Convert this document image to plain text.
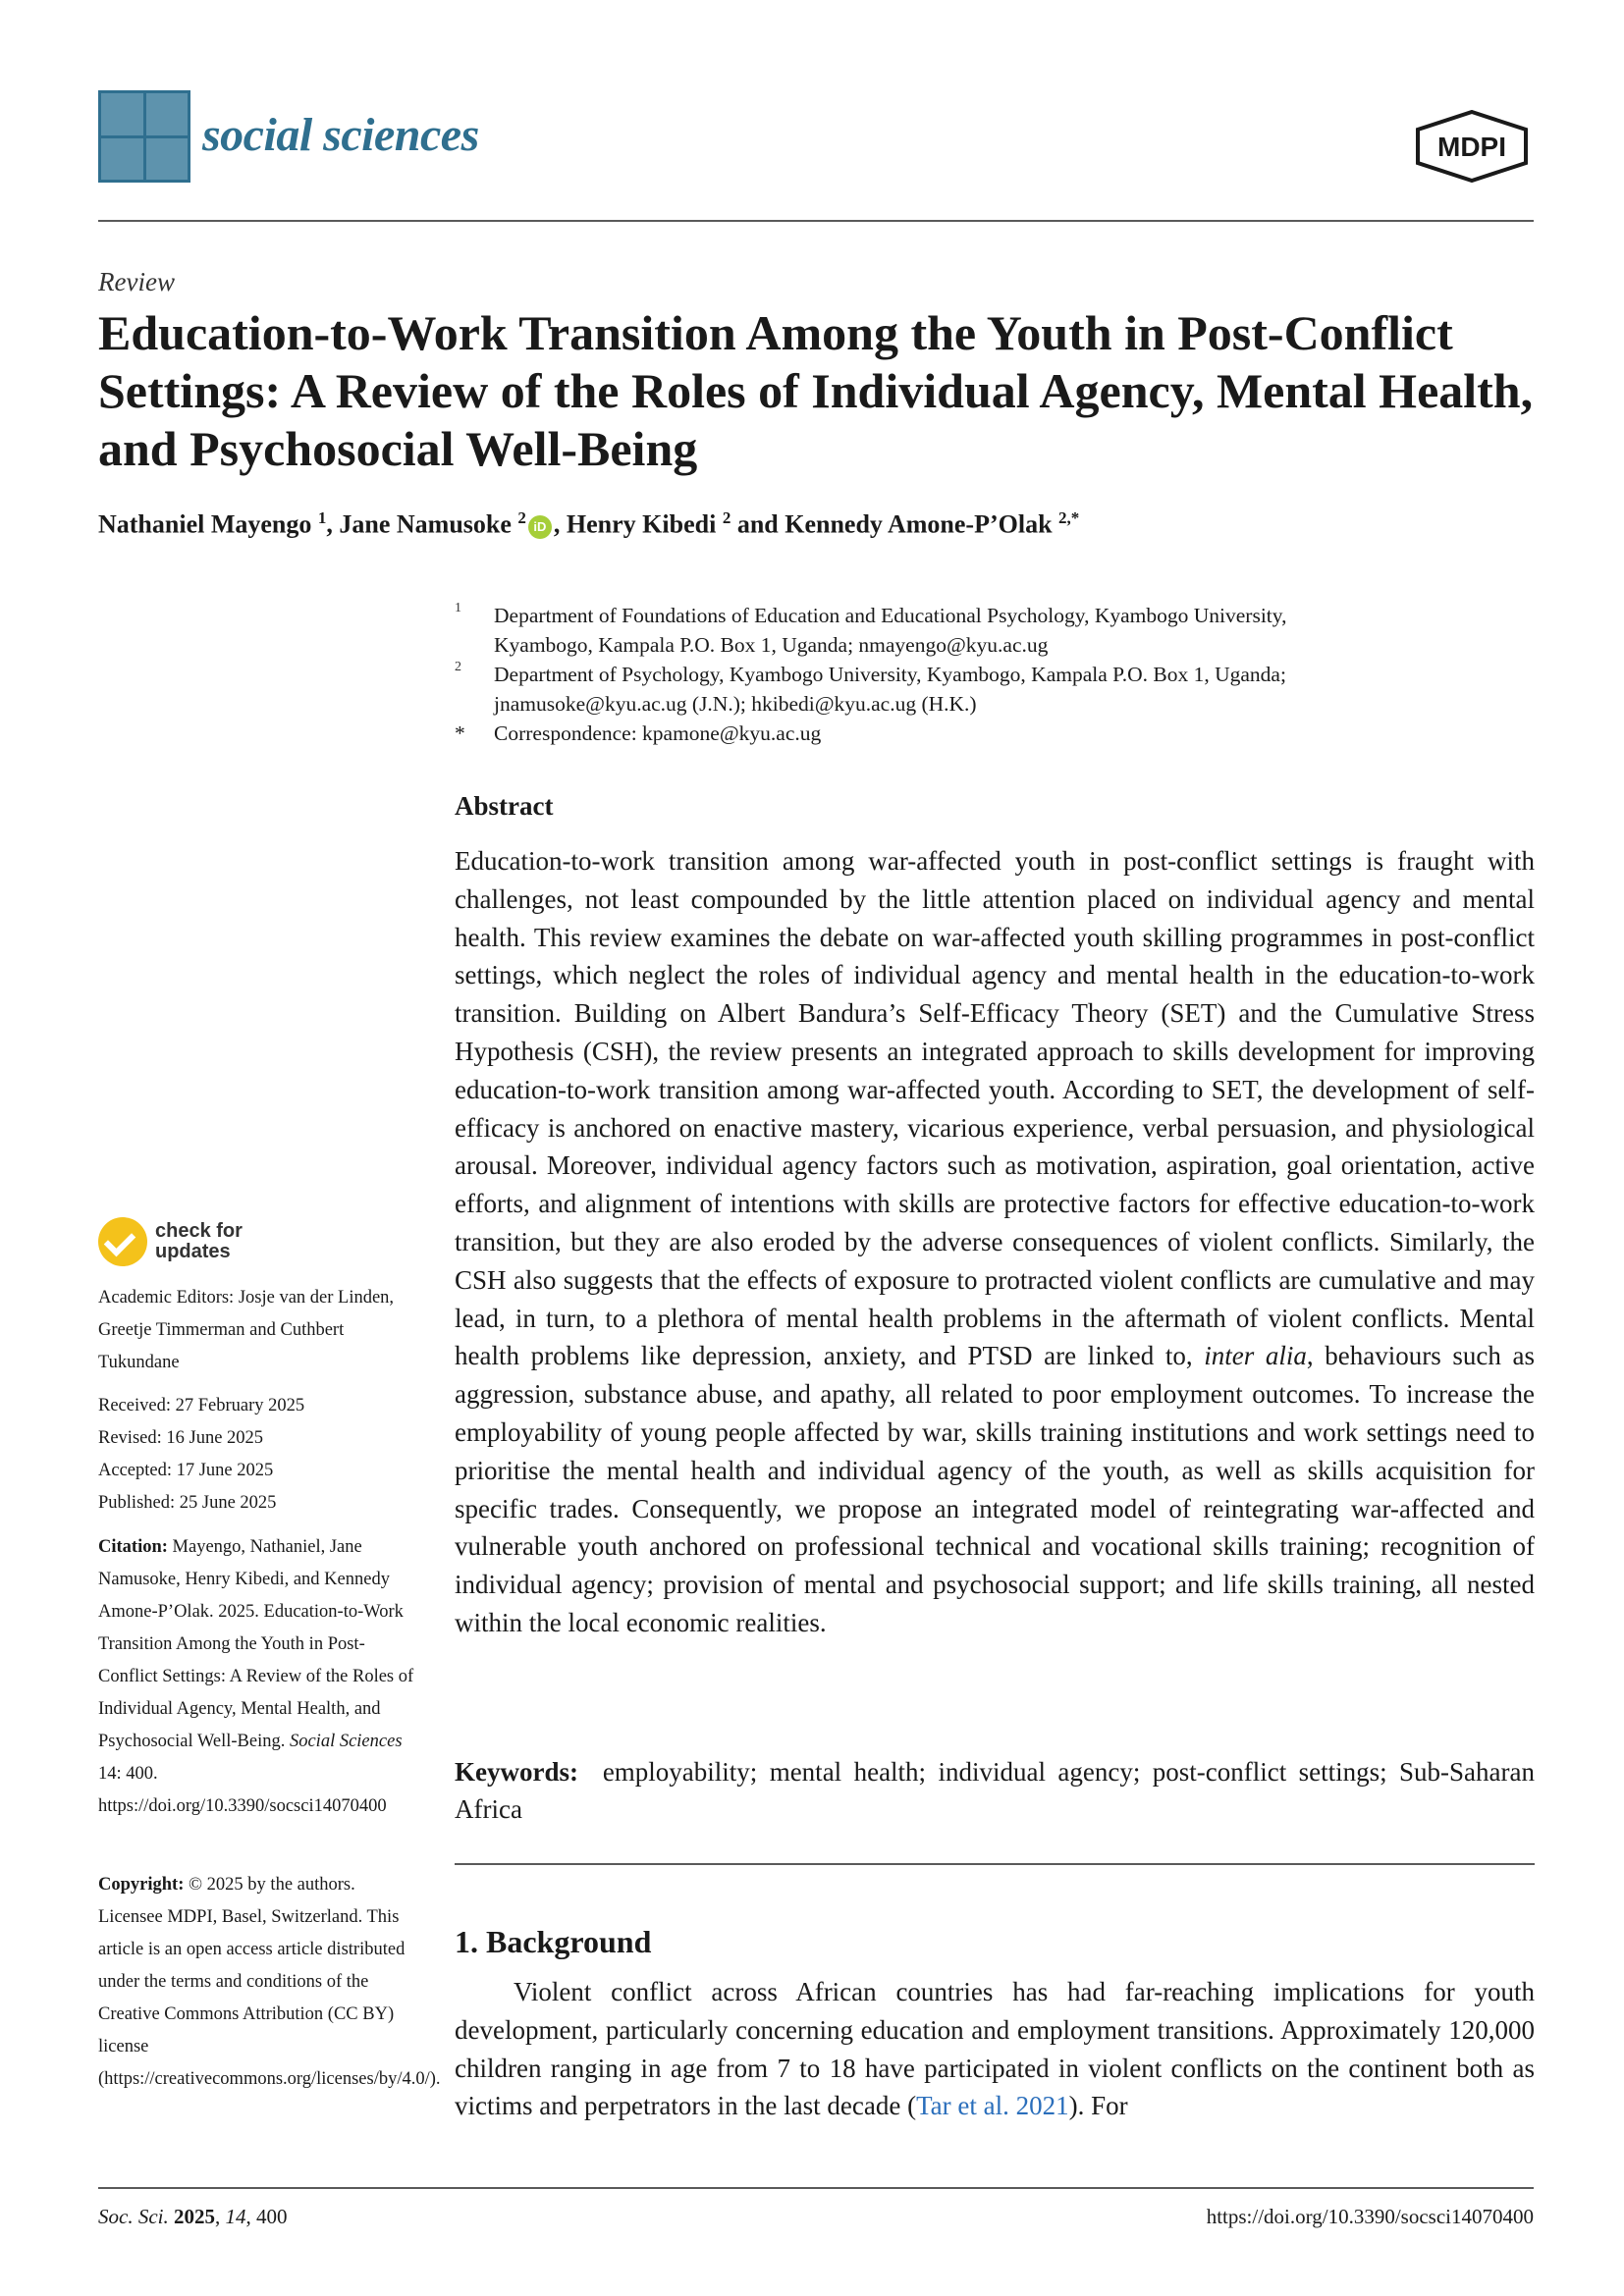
social sciences	MDPI
Review
Education-to-Work Transition Among the Youth in Post-Conflict Settings: A Review of the Roles of Individual Agency, Mental Health, and Psychosocial Well-Being
Nathaniel Mayengo $^1$, Jane Namusoke $^2$ iD , Henry Kibedi $^2$ and Kennedy Amone-P’Olak $^{2,*}$
1 Department of Foundations of Education and Educational Psychology, Kyambogo University,
Kyambogo, Kampala P.O. Box 1, Uganda; nmayengo@kyu.ac.ug
2 Department of Psychology, Kyambogo University, Kyambogo, Kampala P.O. Box 1, Uganda;
jnamusoke@kyu.ac.ug (J.N.); hkibedi@kyu.ac.ug (H.K.)
* Correspondence: kpamone@kyu.ac.ug
Abstract
Education-to-work transition among war-affected youth in post-conflict settings is fraught with challenges, not least compounded by the little attention placed on individual agency and mental health. This review examines the debate on war-affected youth skilling programmes in post-conflict settings, which neglect the roles of individual agency and mental health in the education-to-work transition. Building on Albert Bandura’s Self-Efficacy Theory (SET) and the Cumulative Stress Hypothesis (CSH), the review presents an integrated approach to skills development for improving education-to-work transition among war-affected youth. According to SET, the development of self-efficacy is anchored on enactive mastery, vicarious experience, verbal persuasion, and physiological arousal. Moreover, individual agency factors such as motivation, aspiration, goal orientation, active efforts, and alignment of intentions with skills are protective factors for effective education-to-work transition, but they are also eroded by the adverse consequences of violent conflicts. Similarly, the CSH also suggests that the effects of exposure to protracted violent conflicts are cumulative and may lead, in turn, to a plethora of mental health problems in the aftermath of violent conflicts. Mental health problems like depression, anxiety, and PTSD are linked to, inter alia, behaviours such as aggression, substance abuse, and apathy, all related to poor employment outcomes. To increase the employability of young people affected by war, skills training institutions and work settings need to prioritise the mental health and individual agency of the youth, as well as skills acquisition for specific trades. Consequently, we propose an integrated model of reintegrating war-affected and vulnerable youth anchored on professional technical and vocational skills training; recognition of individual agency; provision of mental and psychosocial support; and life skills training, all nested within the local economic realities.
Keywords: employability; mental health; individual agency; post-conflict settings; Sub-Saharan Africa
1. Background
Violent conflict across African countries has had far-reaching implications for youth development, particularly concerning education and employment transitions. Approximately 120,000 children ranging in age from 7 to 18 have participated in violent conflicts on the continent both as victims and perpetrators in the last decade (Tar et al. 2021). For
check for
updates
Academic Editors: Josje van der Linden, Greetje Timmerman and Cuthbert Tukundane
Received: 27 February 2025
Revised: 16 June 2025
Accepted: 17 June 2025
Published: 25 June 2025
Citation: Mayengo, Nathaniel, Jane Namusoke, Henry Kibedi, and Kennedy Amone-P’Olak. 2025. Education-to-Work Transition Among the Youth in Post-Conflict Settings: A Review of the Roles of Individual Agency, Mental Health, and Psychosocial Well-Being. Social Sciences 14: 400. https://doi.org/10.3390/socsci14070400
Copyright: © 2025 by the authors. Licensee MDPI, Basel, Switzerland. This article is an open access article distributed under the terms and conditions of the Creative Commons Attribution (CC BY) license (https://creativecommons.org/licenses/by/4.0/).
Soc. Sci. 2025, 14, 400	https://doi.org/10.3390/socsci14070400
